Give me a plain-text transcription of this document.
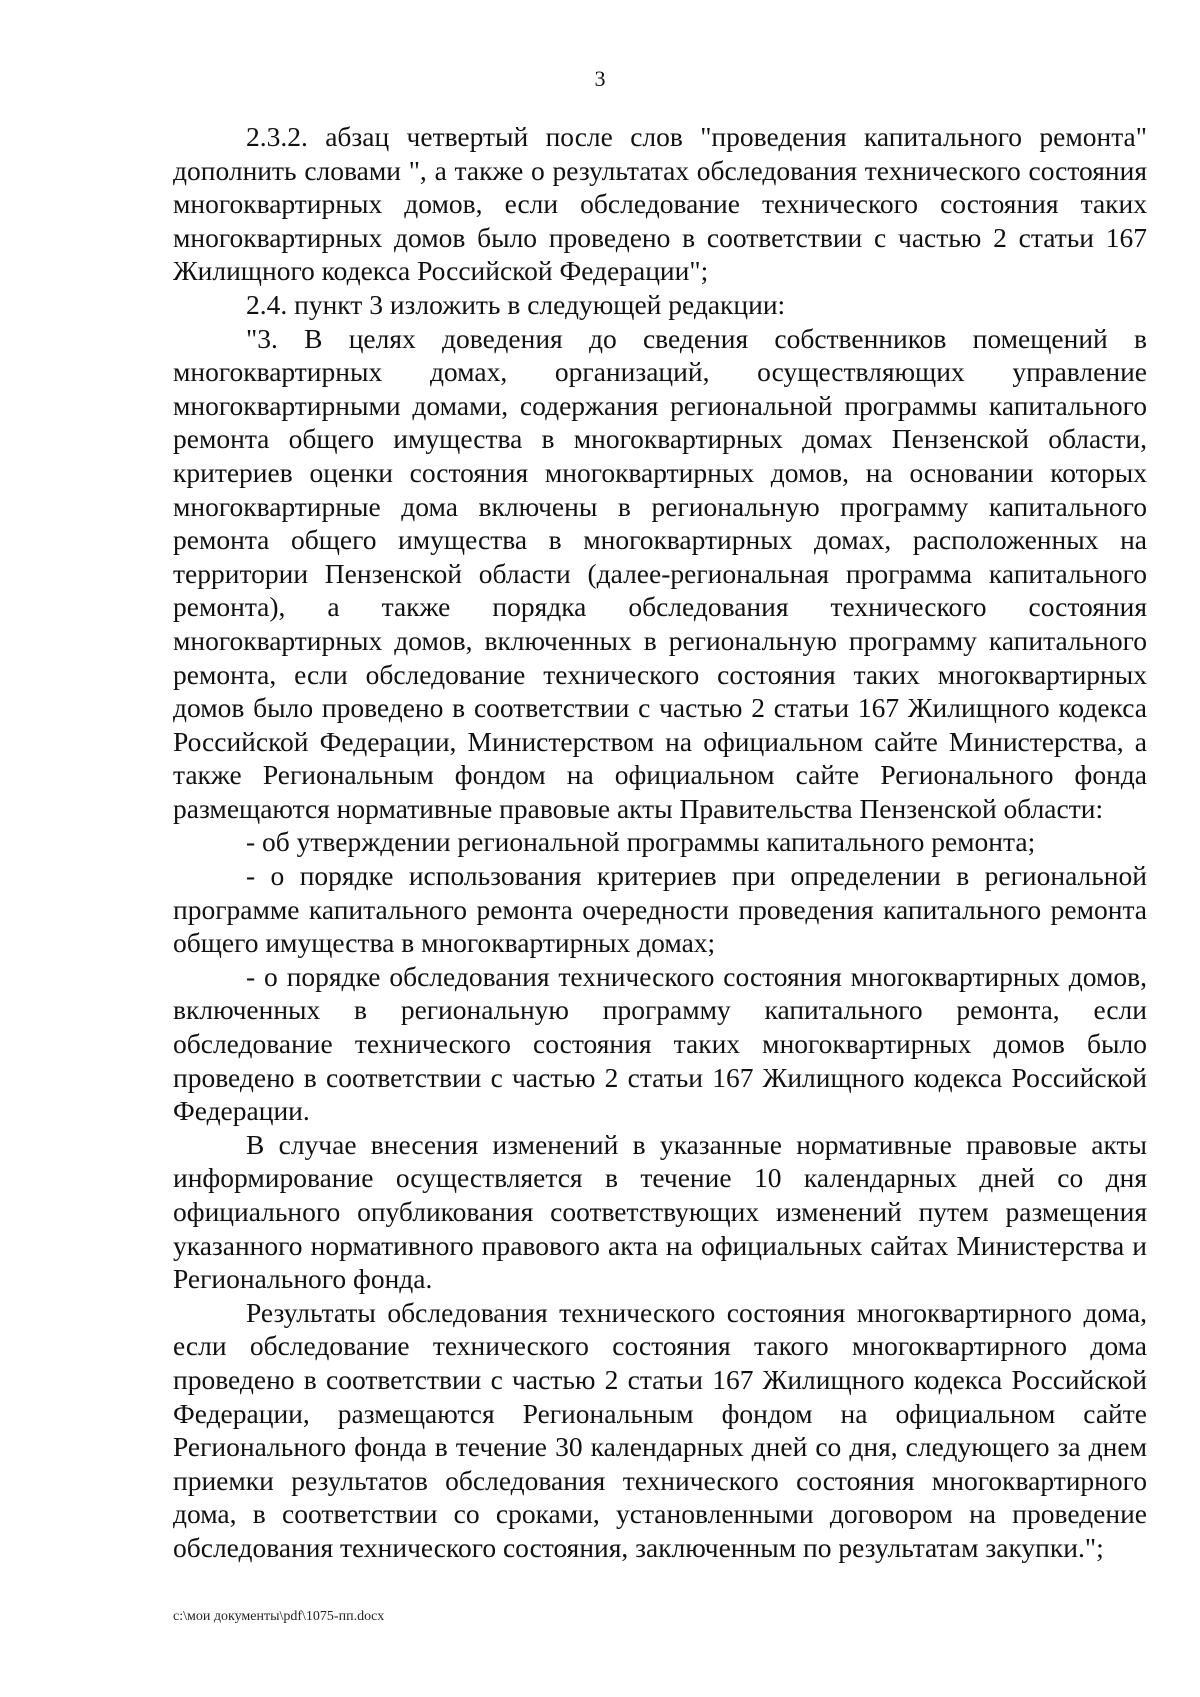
3

2.3.2. абзац четвертый после слов "проведения капитального ремонта" дополнить словами ", а также о результатах обследования технического состояния многоквартирных домов, если обследование технического состояния таких многоквартирных домов было проведено в соответствии с частью 2 статьи 167 Жилищного кодекса Российской Федерации";

2.4. пункт 3 изложить в следующей редакции:

"3. В целях доведения до сведения собственников помещений в многоквартирных домах, организаций, осуществляющих управление многоквартирными домами, содержания региональной программы капитального ремонта общего имущества в многоквартирных домах Пензенской области, критериев оценки состояния многоквартирных домов, на основании которых многоквартирные дома включены в региональную программу капитального ремонта общего имущества в многоквартирных домах, расположенных на территории Пензенской области (далее-региональная программа капитального ремонта), а также порядка обследования технического состояния многоквартирных домов, включенных в региональную программу капитального ремонта, если обследование технического состояния таких многоквартирных домов было проведено в соответствии с частью 2 статьи 167 Жилищного кодекса Российской Федерации, Министерством на официальном сайте Министерства, а также Региональным фондом на официальном сайте Регионального фонда размещаются нормативные правовые акты Правительства Пензенской области:

- об утверждении региональной программы капитального ремонта;

- о порядке использования критериев при определении в региональной программе капитального ремонта очередности проведения капитального ремонта общего имущества в многоквартирных домах;

- о порядке обследования технического состояния многоквартирных домов, включенных в региональную программу капитального ремонта, если обследование технического состояния таких многоквартирных домов было проведено в соответствии с частью 2 статьи 167 Жилищного кодекса Российской Федерации.

В случае внесения изменений в указанные нормативные правовые акты информирование осуществляется в течение 10 календарных дней со дня официального опубликования соответствующих изменений путем размещения указанного нормативного правового акта на официальных сайтах Министерства и Регионального фонда.

Результаты обследования технического состояния многоквартирного дома, если обследование технического состояния такого многоквартирного дома проведено в соответствии с частью 2 статьи 167 Жилищного кодекса Российской Федерации, размещаются Региональным фондом на официальном сайте Регионального фонда в течение 30 календарных дней со дня, следующего за днем приемки результатов обследования технического состояния многоквартирного дома, в соответствии со сроками, установленными договором на проведение обследования технического состояния, заключенным по результатам закупки.";

c:\мои документы\pdf\1075-пп.docx
